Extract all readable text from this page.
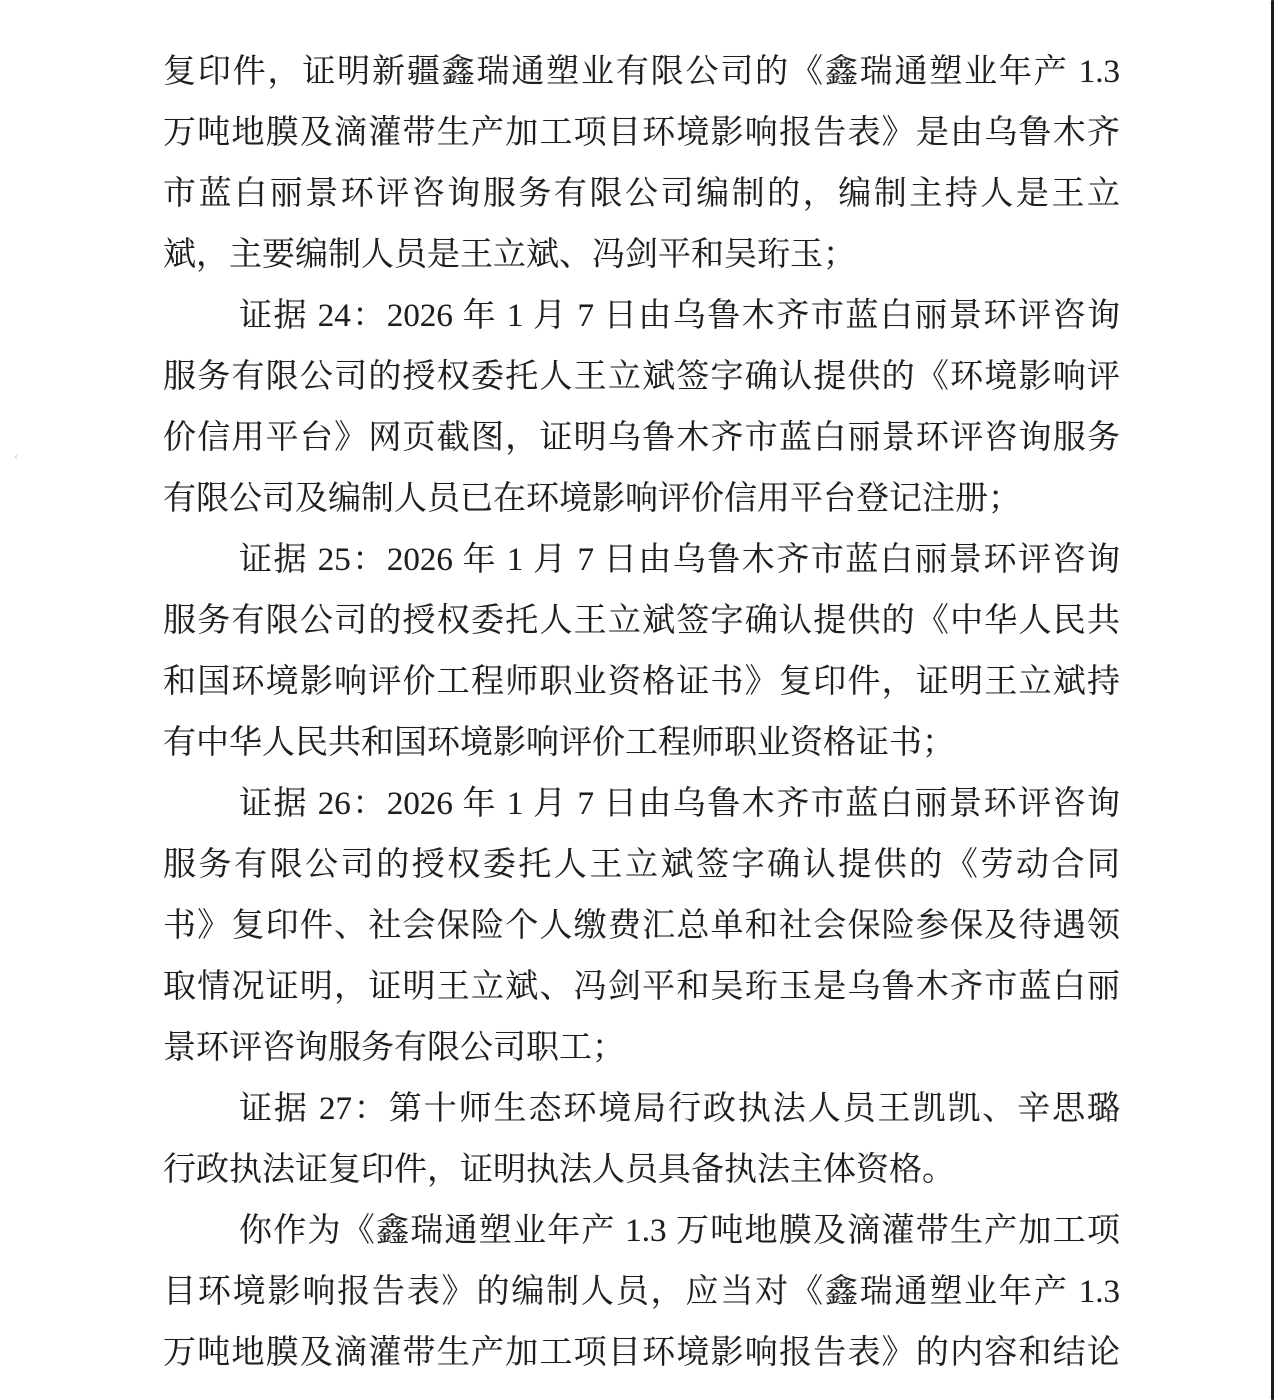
‹
复印件，证明新疆鑫瑞通塑业有限公司的《鑫瑞通塑业年产 1.3
万吨地膜及滴灌带生产加工项目环境影响报告表》是由乌鲁木齐
市蓝白丽景环评咨询服务有限公司编制的，编制主持人是王立
斌，主要编制人员是王立斌、冯剑平和吴珩玉；
证据 24：2026 年 1 月 7 日由乌鲁木齐市蓝白丽景环评咨询
服务有限公司的授权委托人王立斌签字确认提供的《环境影响评
价信用平台》网页截图，证明乌鲁木齐市蓝白丽景环评咨询服务
有限公司及编制人员已在环境影响评价信用平台登记注册；
证据 25：2026 年 1 月 7 日由乌鲁木齐市蓝白丽景环评咨询
服务有限公司的授权委托人王立斌签字确认提供的《中华人民共
和国环境影响评价工程师职业资格证书》复印件，证明王立斌持
有中华人民共和国环境影响评价工程师职业资格证书；
证据 26：2026 年 1 月 7 日由乌鲁木齐市蓝白丽景环评咨询
服务有限公司的授权委托人王立斌签字确认提供的《劳动合同
书》复印件、社会保险个人缴费汇总单和社会保险参保及待遇领
取情况证明，证明王立斌、冯剑平和吴珩玉是乌鲁木齐市蓝白丽
景环评咨询服务有限公司职工；
证据 27：第十师生态环境局行政执法人员王凯凯、辛思璐
行政执法证复印件，证明执法人员具备执法主体资格。
你作为《鑫瑞通塑业年产 1.3 万吨地膜及滴灌带生产加工项
目环境影响报告表》的编制人员，应当对《鑫瑞通塑业年产 1.3
万吨地膜及滴灌带生产加工项目环境影响报告表》的内容和结论
